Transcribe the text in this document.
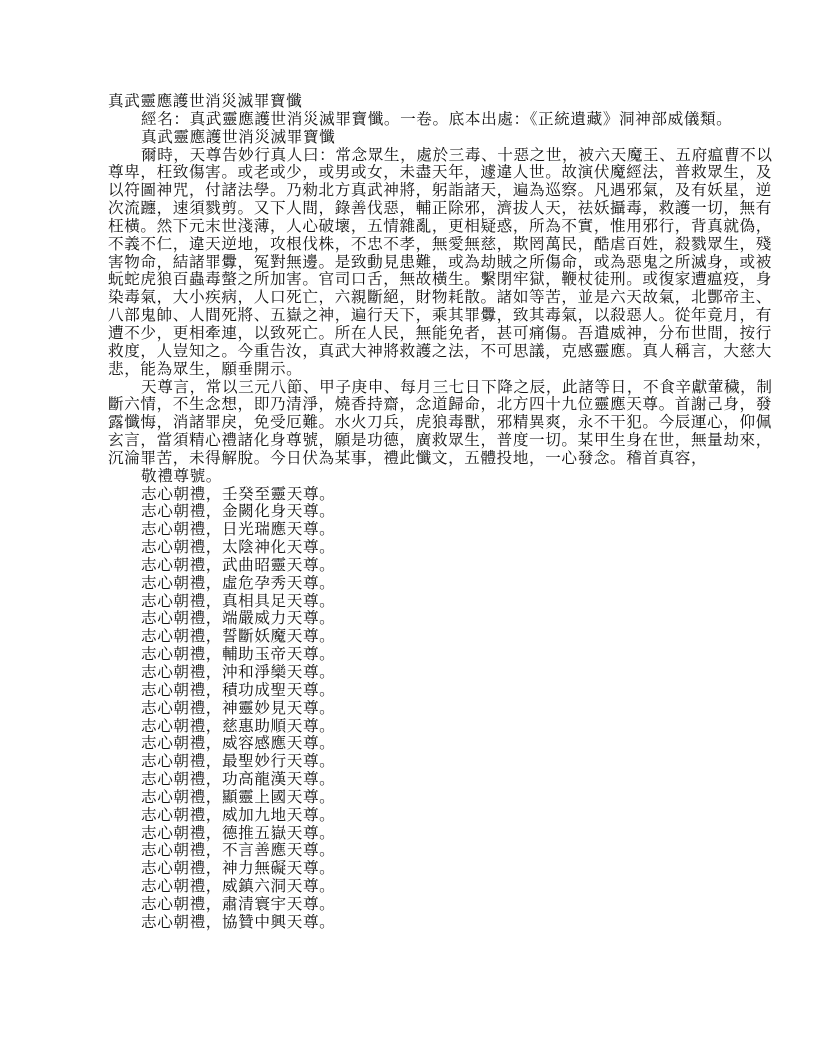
真武靈應護世消災滅罪寶懺
經名：真武靈應護世消災滅罪寶懺。一卷。底本出處：《正統遺藏》洞神部威儀類。
真武靈應護世消災滅罪寶懺
爾時，天尊告妙行真人曰：常念眾生，處於三毒、十惡之世，被六天魔王、五府瘟曹不以
尊卑，枉致傷害。或老或少，或男或女，未盡天年，遽違人世。故演伏魔經法，普救眾生，及
以符圖神咒，付諸法學。乃勑北方真武神將，躬詣諸天，遍為巡察。凡遇邪氣，及有妖星，逆
次流躔，速須戮剪。又下人間，錄善伐惡，輔正除邪，濟拔人天，祛妖攝毒，救護一切，無有
枉橫。然下元末世淺薄，人心破壞，五情雜亂，更相疑惑，所為不實，惟用邪行，背真就偽，
不義不仁，違天逆地，攻根伐株，不忠不孝，無愛無慈，欺罔萬民，酷虐百姓，殺戮眾生，殘
害物命，結諸罪釁，冤對無邊。是致動見患難，或為劫賊之所傷命，或為惡鬼之所滅身，或被
蚖蛇虎狼百蟲毒螫之所加害。官司口舌，無故橫生。繫閉牢獄，鞭杖徒刑。或復家遭瘟疫，身
染毒氣，大小疾病，人口死亡，六親斷絕，財物耗散。諸如等苦，並是六天故氣，北酆帝主、
八部鬼帥、人間死將、五嶽之神，遍行天下，乘其罪釁，致其毒氣，以殺惡人。從年竟月，有
遭不少，更相牽連，以致死亡。所在人民，無能免者，甚可痛傷。吾遣威神，分布世間，按行
救度，人豈知之。今重告汝，真武大神將救護之法，不可思議，克感靈應。真人稱言，大慈大
悲，能為眾生，願垂開示。
天尊言，常以三元八節、甲子庚申、每月三七日下降之辰，此諸等日，不食辛獻葷穢，制
斷六情，不生念想，即乃清淨，燒香持齋，念道歸命，北方四十九位靈應天尊。首謝己身，發
露懺悔，消諸罪戾，免受厄難。水火刀兵，虎狼毒獸，邪精異爽，永不干犯。今辰運心，仰佩
玄言，當須精心禮諸化身尊號，願是功德，廣救眾生，普度一切。某甲生身在世，無量劫來，
沉淪罪苦，未得解脫。今日伏為某事，禮此懺文，五體投地，一心發念。稽首真容，
敬禮尊號。
志心朝禮，壬癸至靈天尊。
志心朝禮，金闕化身天尊。
志心朝禮，日光瑞應天尊。
志心朝禮，太陰神化天尊。
志心朝禮，武曲昭靈天尊。
志心朝禮，虛危孕秀天尊。
志心朝禮，真相具足天尊。
志心朝禮，端嚴威力天尊。
志心朝禮，誓斷妖魔天尊。
志心朝禮，輔助玉帝天尊。
志心朝禮，沖和淨欒天尊。
志心朝禮，積功成聖天尊。
志心朝禮，神靈妙見天尊。
志心朝禮，慈惠助順天尊。
志心朝禮，威容感應天尊。
志心朝禮，最聖妙行天尊。
志心朝禮，功高龍漢天尊。
志心朝禮，顯靈上國天尊。
志心朝禮，威加九地天尊。
志心朝禮，德推五嶽天尊。
志心朝禮，不言善應天尊。
志心朝禮，神力無礙天尊。
志心朝禮，威鎮六洞天尊。
志心朝禮，肅清寰宇天尊。
志心朝禮，協贊中興天尊。
